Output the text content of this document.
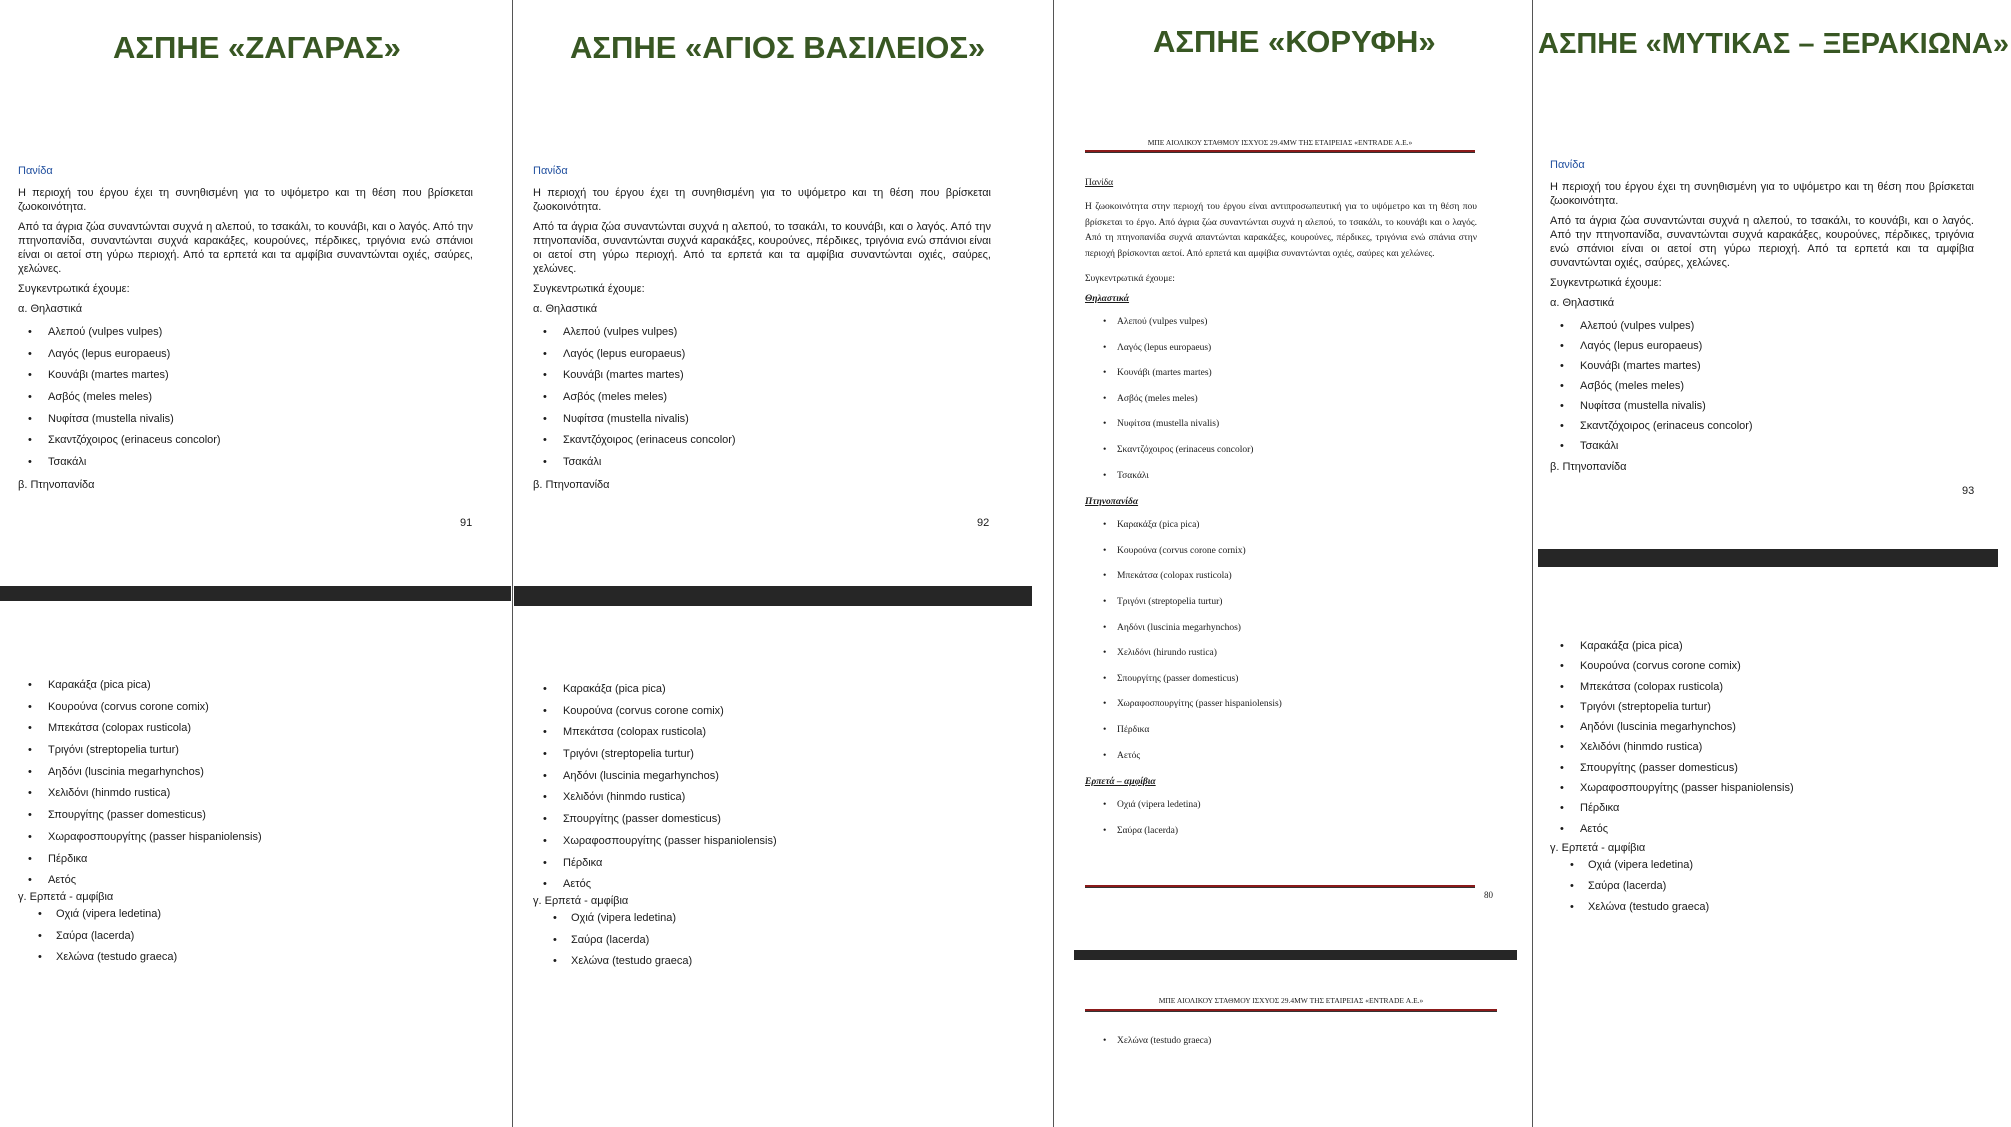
ΑΣΠΗΕ «ΖΑΓΑΡΑΣ»
Πανίδα

Η περιοχή του έργου έχει τη συνηθισμένη για το υψόμετρο και τη θέση που βρίσκεται ζωοκοινότητα.

Από τα άγρια ζώα συναντώνται συχνά η αλεπού, το τσακάλι, το κουνάβι, και ο λαγός. Από την πτηνοπανίδα, συναντώνται συχνά καρακάξες, κουρούνες, πέρδικες, τριγόνια ενώ σπάνιοι είναι οι αετοί στη γύρω περιοχή. Από τα ερπετά και τα αμφίβια συναντώνται οχιές, σαύρες, χελώνες.

Συγκεντρωτικά έχουμε:
α. Θηλαστικά
• Αλεπού (vulpes vulpes)
• Λαγός (lepus europaeus)
• Κουνάβι (martes martes)
• Ασβός (meles meles)
• Νυφίτσα (mustella nivalis)
• Σκαντζόχοιρος (erinaceus concolor)
• Τσακάλι
β. Πτηνοπανίδα
91
• Καρακάξα (pica pica)
• Κουρούνα (corvus corone comix)
• Μπεκάτσα (colopax rusticola)
• Τριγόνι (streptopelia turtur)
• Αηδόνι (luscinia megarhynchos)
• Χελιδόνι (hinmdo rustica)
• Σπουργίτης (passer domesticus)
• Χωραφοσπουργίτης (passer hispaniolensis)
• Πέρδικα
• Αετός
γ. Ερπετά - αμφίβια
• Οχιά (vipera ledetina)
• Σαύρα (lacerda)
• Χελώνα (testudo graeca)
ΑΣΠΗΕ «ΑΓΙΟΣ ΒΑΣΙΛΕΙΟΣ»
Πανίδα

Η περιοχή του έργου έχει τη συνηθισμένη για το υψόμετρο και τη θέση που βρίσκεται ζωοκοινότητα.

Από τα άγρια ζώα συναντώνται συχνά η αλεπού, το τσακάλι, το κουνάβι, και ο λαγός. Από την πτηνοπανίδα, συναντώνται συχνά καρακάξες, κουρούνες, πέρδικες, τριγόνια ενώ σπάνιοι είναι οι αετοί στη γύρω περιοχή. Από τα ερπετά και τα αμφίβια συναντώνται οχιές, σαύρες, χελώνες.

Συγκεντρωτικά έχουμε:
α. Θηλαστικά
• Αλεπού (vulpes vulpes)
• Λαγός (lepus europaeus)
• Κουνάβι (martes martes)
• Ασβός (meles meles)
• Νυφίτσα (mustella nivalis)
• Σκαντζόχοιρος (erinaceus concolor)
• Τσακάλι
β. Πτηνοπανίδα
92
• Καρακάξα (pica pica)
• Κουρούνα (corvus corone comix)
• Μπεκάτσα (colopax rusticola)
• Τριγόνι (streptopelia turtur)
• Αηδόνι (luscinia megarhynchos)
• Χελιδόνι (hinmdo rustica)
• Σπουργίτης (passer domesticus)
• Χωραφοσπουργίτης (passer hispaniolensis)
• Πέρδικα
• Αετός
γ. Ερπετά - αμφίβια
• Οχιά (vipera ledetina)
• Σαύρα (lacerda)
• Χελώνα (testudo graeca)
ΑΣΠΗΕ «ΚΟΡΥΦΗ»
ΜΠΕ ΑΙΟΛΙΚΟΥ ΣΤΑΘΜΟΥ ΙΣΧΥΟΣ 29.4MW ΤΗΣ ΕΤΑΙΡΕΙΑΣ «ENTRADE Α.Ε.»
Πανίδα

Η ζωοκοινότητα στην περιοχή του έργου είναι αντιπροσωπευτική για το υψόμετρο και τη θέση που βρίσκεται το έργο. Από άγρια ζώα συναντώνται συχνά η αλεπού, το τσακάλι, το κουνάβι και ο λαγός. Από τη πτηνοπανίδα συχνά απαντώνται καρακάξες, κουρούνες, πέρδικες, τριγόνια ενώ σπάνια στην περιοχή βρίσκονται αετοί. Από ερπετά και αμφίβια συναντώνται οχιές, σαύρες και χελώνες.

Συγκεντρωτικά έχουμε:
Θηλαστικά
• Αλεπού (vulpes vulpes)
• Λαγός (lepus europaeus)
• Κουνάβι (martes martes)
• Ασβός (meles meles)
• Νυφίτσα (mustella nivalis)
• Σκαντζόχοιρος (erinaceus concolor)
• Τσακάλι
Πτηνοπανίδα
• Καρακάξα (pica pica)
• Κουρούνα (corvus corone cornix)
• Μπεκάτσα (colopax rusticola)
• Τριγόνι (streptopelia turtur)
• Αηδόνι (luscinia megarhynchos)
• Χελιδόνι (hirundo rustica)
• Σπουργίτης (passer domesticus)
• Χωραφοσπουργίτης (passer hispaniolensis)
• Πέρδικα
• Αετός
Ερπετά – αμφίβια
• Οχιά (vipera ledetina)
• Σαύρα (lacerda)
80
ΜΠΕ ΑΙΟΛΙΚΟΥ ΣΤΑΘΜΟΥ ΙΣΧΥΟΣ 29.4MW ΤΗΣ ΕΤΑΙΡΕΙΑΣ «ENTRADE Α.Ε.»
• Χελώνα (testudo graeca)
ΑΣΠΗΕ «ΜΥΤΙΚΑΣ – ΞΕΡΑΚΙΩΝΑ»
Πανίδα

Η περιοχή του έργου έχει τη συνηθισμένη για το υψόμετρο και τη θέση που βρίσκεται ζωοκοινότητα.

Από τα άγρια ζώα συναντώνται συχνά η αλεπού, το τσακάλι, το κουνάβι, και ο λαγός. Από την πτηνοπανίδα, συναντώνται συχνά καρακάξες, κουρούνες, πέρδικες, τριγόνια ενώ σπάνιοι είναι οι αετοί στη γύρω περιοχή. Από τα ερπετά και τα αμφίβια συναντώνται οχιές, σαύρες, χελώνες.

Συγκεντρωτικά έχουμε:
α. Θηλαστικά
• Αλεπού (vulpes vulpes)
• Λαγός (lepus europaeus)
• Κουνάβι (martes martes)
• Ασβός (meles meles)
• Νυφίτσα (mustella nivalis)
• Σκαντζόχοιρος (erinaceus concolor)
• Τσακάλι
β. Πτηνοπανίδα
93
• Καρακάξα (pica pica)
• Κουρούνα (corvus corone comix)
• Μπεκάτσα (colopax rusticola)
• Τριγόνι (streptopelia turtur)
• Αηδόνι (luscinia megarhynchos)
• Χελιδόνι (hinmdo rustica)
• Σπουργίτης (passer domesticus)
• Χωραφοσπουργίτης (passer hispaniolensis)
• Πέρδικα
• Αετός
γ. Ερπετά - αμφίβια
• Οχιά (vipera ledetina)
• Σαύρα (lacerda)
• Χελώνα (testudo graeca)
